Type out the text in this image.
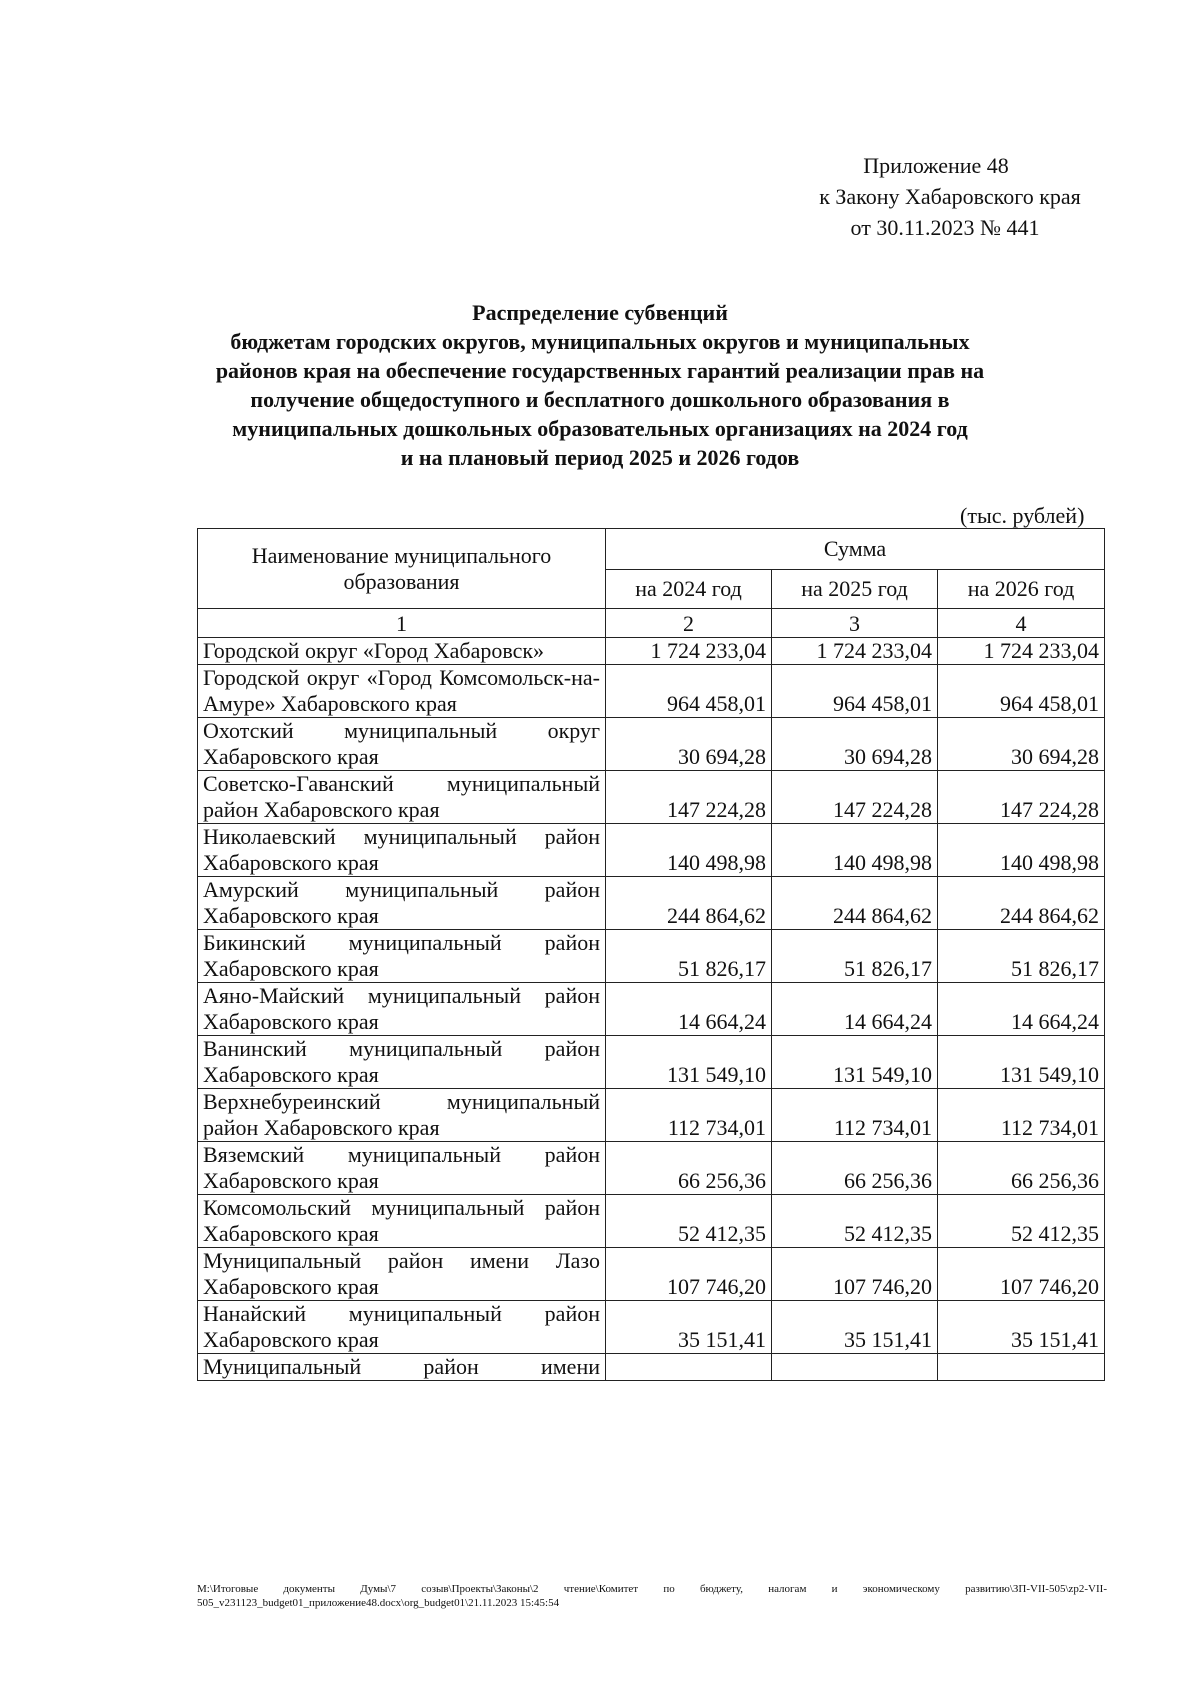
Приложение 48
к Закону Хабаровского края
от 30.11.2023 № 441
Распределение субвенций
бюджетам городских округов, муниципальных округов и муниципальных
районов края на обеспечение государственных гарантий реализации прав на
получение общедоступного и бесплатного дошкольного образования в
муниципальных дошкольных образовательных организациях на 2024 год
и на плановый период 2025 и 2026 годов
(тыс. рублей)
Наименование муниципального образования	Сумма		
	на 2024 год	на 2025 год	на 2026 год
1	2	3	4
Городской округ «Город Хабаровск»	1 724 233,04	1 724 233,04	1 724 233,04
Городской округ «Город Комсомольск-на-Амуре» Хабаровского края	964 458,01	964 458,01	964 458,01
Охотский муниципальный округ Хабаровского края	30 694,28	30 694,28	30 694,28
Советско-Гаванский муниципальный район Хабаровского края	147 224,28	147 224,28	147 224,28
Николаевский муниципальный район Хабаровского края	140 498,98	140 498,98	140 498,98
Амурский муниципальный район Хабаровского края	244 864,62	244 864,62	244 864,62
Бикинский муниципальный район Хабаровского края	51 826,17	51 826,17	51 826,17
Аяно-Майский муниципальный район Хабаровского края	14 664,24	14 664,24	14 664,24
Ванинский муниципальный район Хабаровского края	131 549,10	131 549,10	131 549,10
Верхнебуреинский муниципальный район Хабаровского края	112 734,01	112 734,01	112 734,01
Вяземский муниципальный район Хабаровского края	66 256,36	66 256,36	66 256,36
Комсомольский муниципальный район Хабаровского края	52 412,35	52 412,35	52 412,35
Муниципальный район имени Лазо Хабаровского края	107 746,20	107 746,20	107 746,20
Нанайский муниципальный район Хабаровского края	35 151,41	35 151,41	35 151,41
Муниципальный район имени			
M:\Итоговые документы Думы\7 созыв\Проекты\Законы\2 чтение\Комитет по бюджету, налогам и экономическому развитию\ЗП-VII-505\zp2-VII-505_v231123_budget01_приложение48.docx\org_budget01\21.11.2023 15:45:54
